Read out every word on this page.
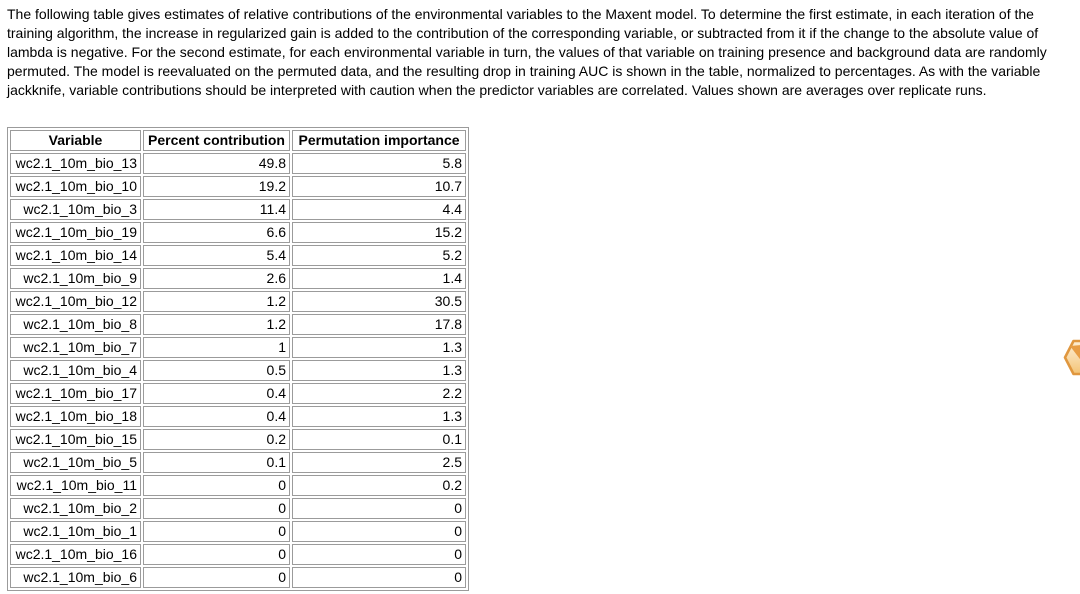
The following table gives estimates of relative contributions of the environmental variables to the Maxent model. To determine the first estimate, in each iteration of the training algorithm, the increase in regularized gain is added to the contribution of the corresponding variable, or subtracted from it if the change to the absolute value of lambda is negative. For the second estimate, for each environmental variable in turn, the values of that variable on training presence and background data are randomly permuted. The model is reevaluated on the permuted data, and the resulting drop in training AUC is shown in the table, normalized to percentages. As with the variable jackknife, variable contributions should be interpreted with caution when the predictor variables are correlated. Values shown are averages over replicate runs.

Variable	Percent contribution	Permutation importance
wc2.1_10m_bio_13	49.8	5.8
wc2.1_10m_bio_10	19.2	10.7
wc2.1_10m_bio_3	11.4	4.4
wc2.1_10m_bio_19	6.6	15.2
wc2.1_10m_bio_14	5.4	5.2
wc2.1_10m_bio_9	2.6	1.4
wc2.1_10m_bio_12	1.2	30.5
wc2.1_10m_bio_8	1.2	17.8
wc2.1_10m_bio_7	1	1.3
wc2.1_10m_bio_4	0.5	1.3
wc2.1_10m_bio_17	0.4	2.2
wc2.1_10m_bio_18	0.4	1.3
wc2.1_10m_bio_15	0.2	0.1
wc2.1_10m_bio_5	0.1	2.5
wc2.1_10m_bio_11	0	0.2
wc2.1_10m_bio_2	0	0
wc2.1_10m_bio_1	0	0
wc2.1_10m_bio_16	0	0
wc2.1_10m_bio_6	0	0
